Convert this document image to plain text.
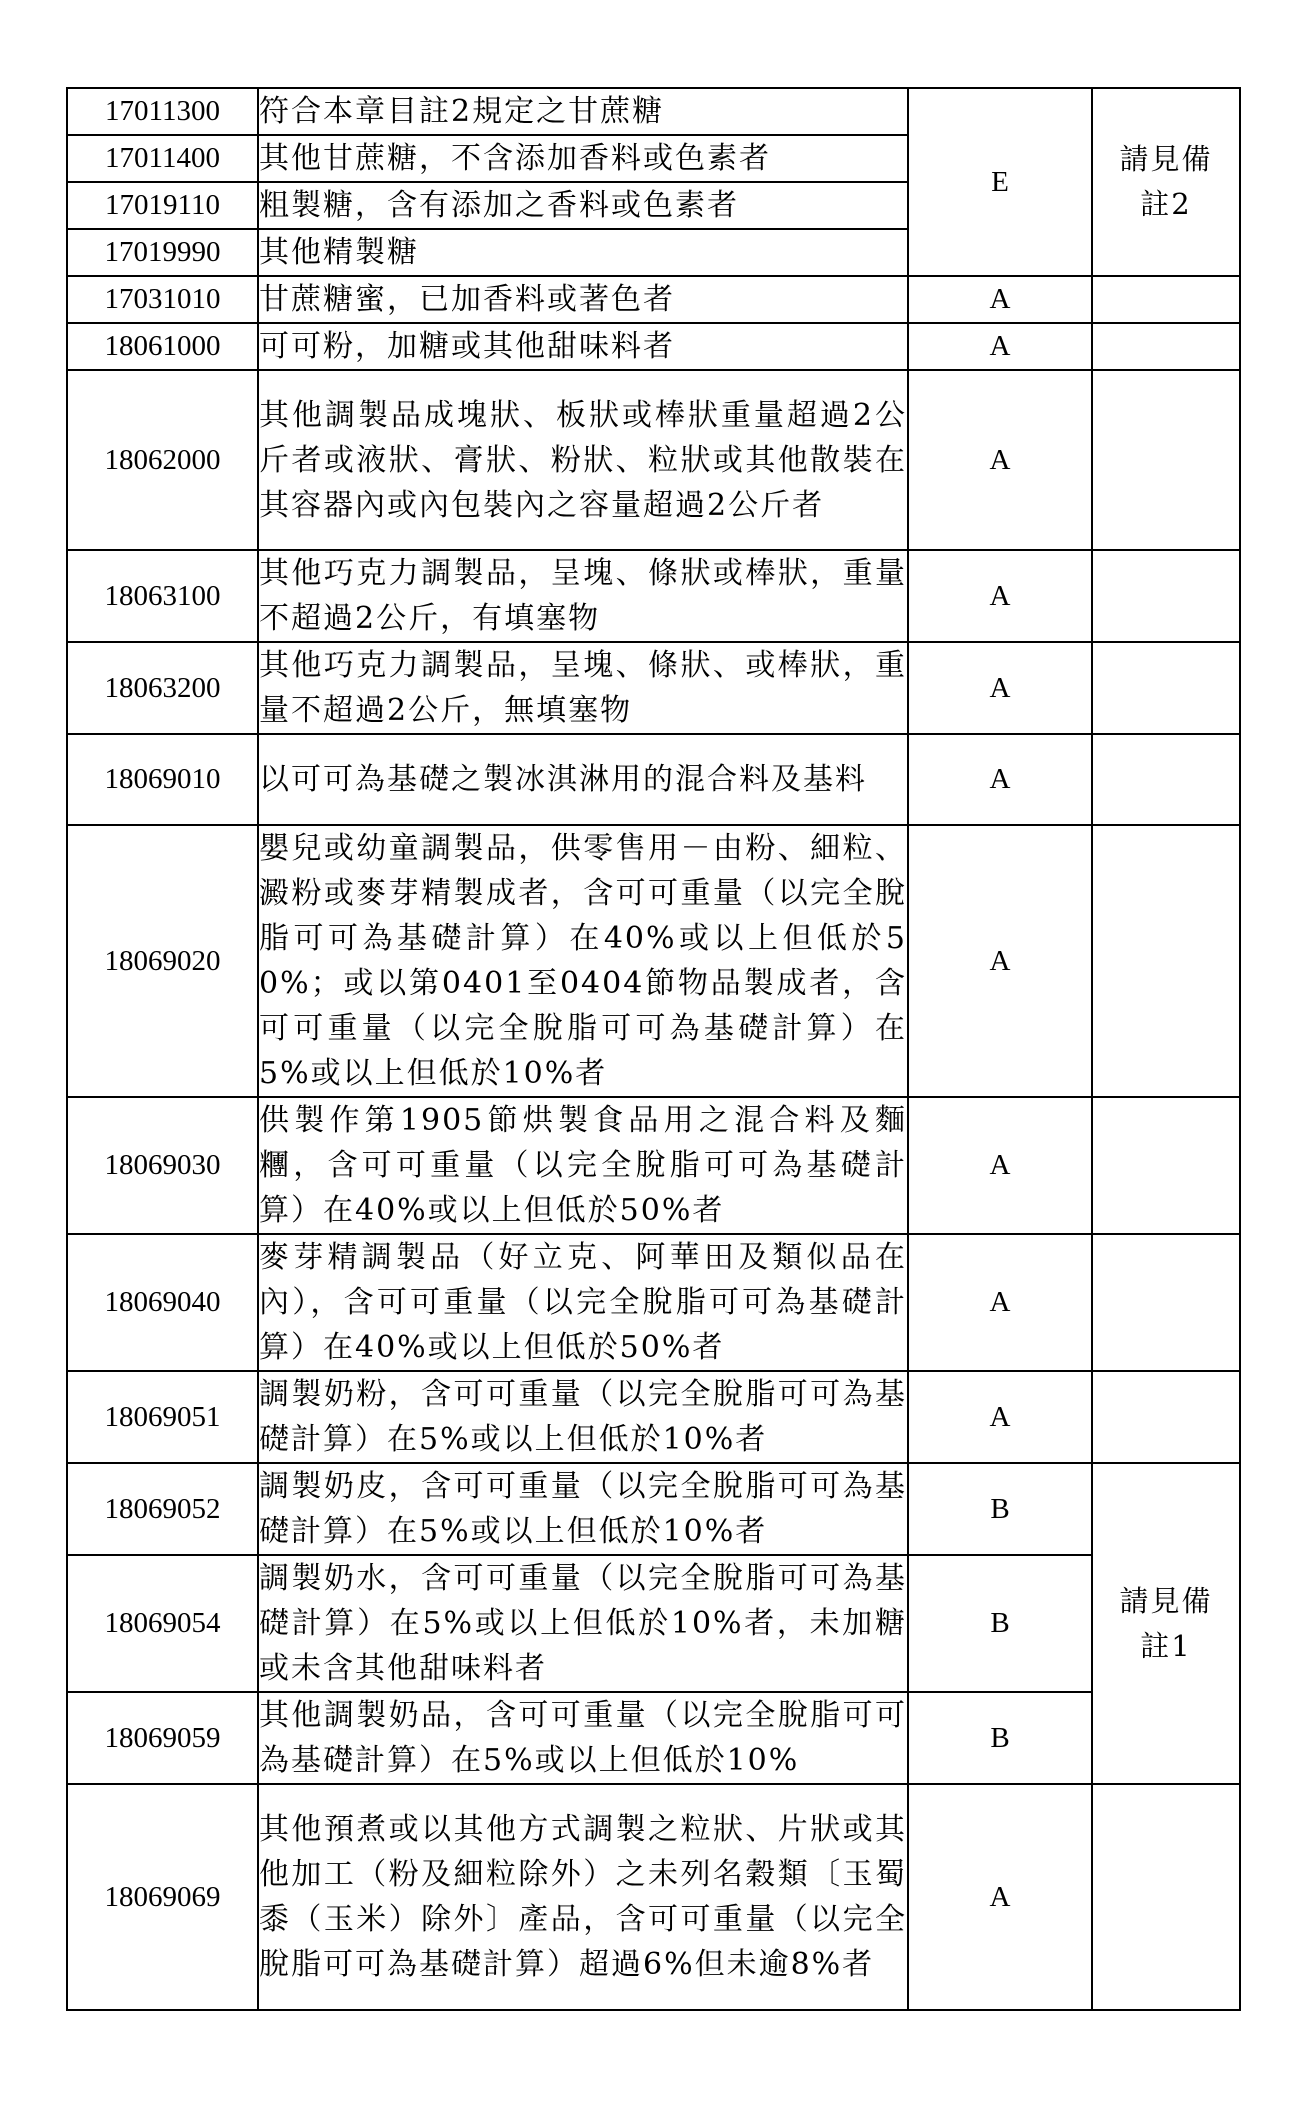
17011300	符合本章目註2規定之甘蔗糖	E	請見備
註2

17011400	其他甘蔗糖，不含添加香料或色素者		
17019110	粗製糖，含有添加之香料或色素者		
17019990	其他精製糖		
17031010	甘蔗糖蜜，已加香料或著色者	A	
18061000	可可粉，加糖或其他甜味料者	A	
18062000	其他調製品成塊狀、板狀或棒狀重量超過2公斤者或液狀、膏狀、粉狀、粒狀或其他散裝在其容器內或內包裝內之容量超過2公斤者	A	
18063100	其他巧克力調製品，呈塊、條狀或棒狀，重量不超過2公斤，有填塞物	A	
18063200	其他巧克力調製品，呈塊、條狀、或棒狀，重量不超過2公斤，無填塞物	A	
18069010	以可可為基礎之製冰淇淋用的混合料及基料	A	
18069020	嬰兒或幼童調製品，供零售用－由粉、細粒、澱粉或麥芽精製成者，含可可重量（以完全脫脂可可為基礎計算）在40%或以上但低於50%；或以第0401至0404節物品製成者，含可可重量（以完全脫脂可可為基礎計算）在5%或以上但低於10%者	A	
18069030	供製作第1905節烘製食品用之混合料及麵糰，含可可重量（以完全脫脂可可為基礎計算）在40%或以上但低於50%者	A	
18069040	麥芽精調製品（好立克、阿華田及類似品在內），含可可重量（以完全脫脂可可為基礎計算）在40%或以上但低於50%者	A	
18069051	調製奶粉，含可可重量（以完全脫脂可可為基礎計算）在5%或以上但低於10%者	A	
18069052	調製奶皮，含可可重量（以完全脫脂可可為基礎計算）在5%或以上但低於10%者	B	請見備
註1

18069054	調製奶水，含可可重量（以完全脫脂可可為基礎計算）在5%或以上但低於10%者，未加糖或未含其他甜味料者	B	
18069059	其他調製奶品，含可可重量（以完全脫脂可可為基礎計算）在5%或以上但低於10%	B	
18069069	其他預煮或以其他方式調製之粒狀、片狀或其他加工（粉及細粒除外）之未列名穀類〔玉蜀黍（玉米）除外〕產品，含可可重量（以完全脫脂可可為基礎計算）超過6%但未逾8%者	A	
